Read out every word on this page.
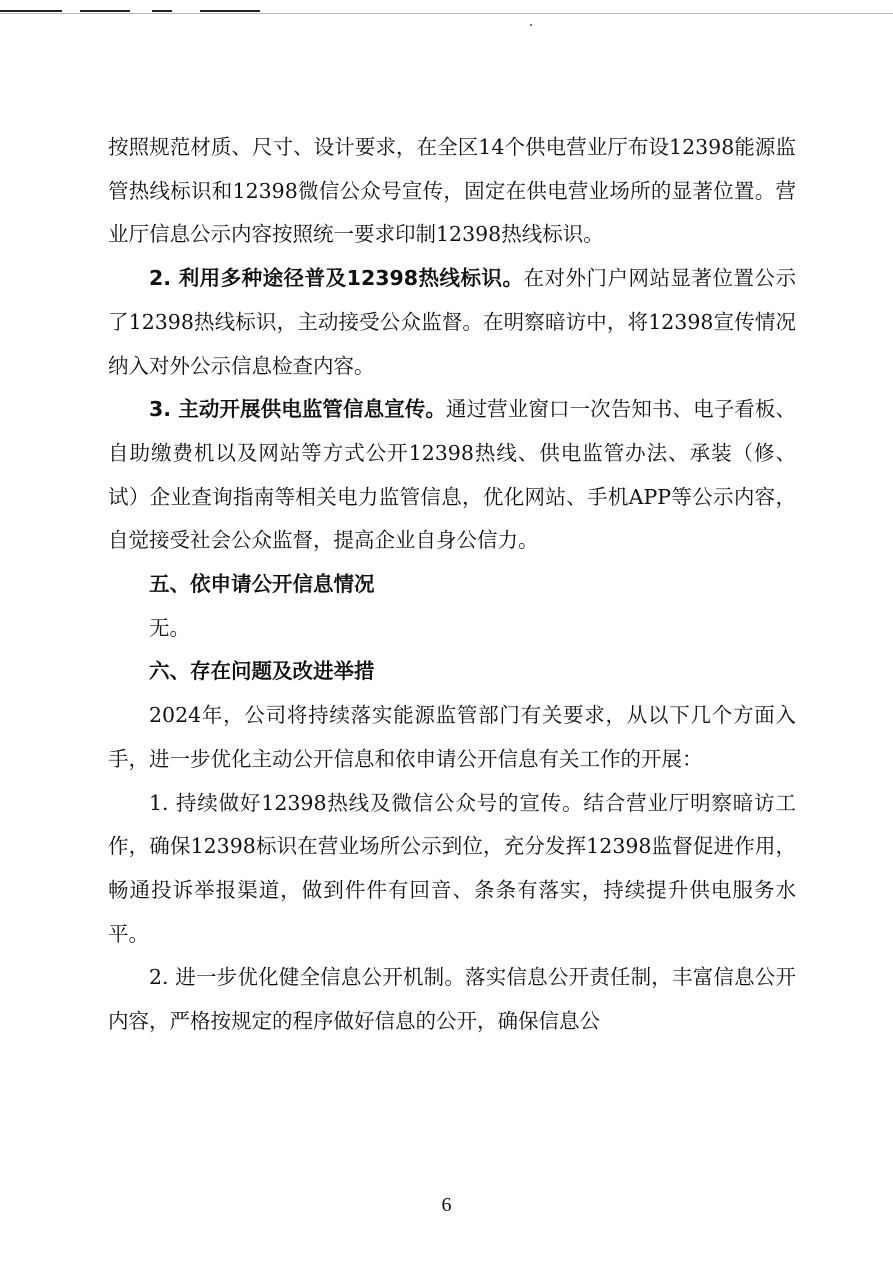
按照规范材质、尺寸、设计要求，在全区14个供电营业厅布设12398能源监管热线标识和12398微信公众号宣传，固定在供电营业场所的显著位置。营业厅信息公示内容按照统一要求印制12398热线标识。

2. 利用多种途径普及12398热线标识。在对外门户网站显著位置公示了12398热线标识，主动接受公众监督。在明察暗访中，将12398宣传情况纳入对外公示信息检查内容。

3. 主动开展供电监管信息宣传。通过营业窗口一次告知书、电子看板、自助缴费机以及网站等方式公开12398热线、供电监管办法、承装（修、试）企业查询指南等相关电力监管信息，优化网站、手机APP等公示内容，自觉接受社会公众监督，提高企业自身公信力。

五、依申请公开信息情况

无。

六、存在问题及改进举措

2024年，公司将持续落实能源监管部门有关要求，从以下几个方面入手，进一步优化主动公开信息和依申请公开信息有关工作的开展：

1. 持续做好12398热线及微信公众号的宣传。结合营业厅明察暗访工作，确保12398标识在营业场所公示到位，充分发挥12398监督促进作用，畅通投诉举报渠道，做到件件有回音、条条有落实，持续提升供电服务水平。

2. 进一步优化健全信息公开机制。落实信息公开责任制，丰富信息公开内容，严格按规定的程序做好信息的公开，确保信息公

6
